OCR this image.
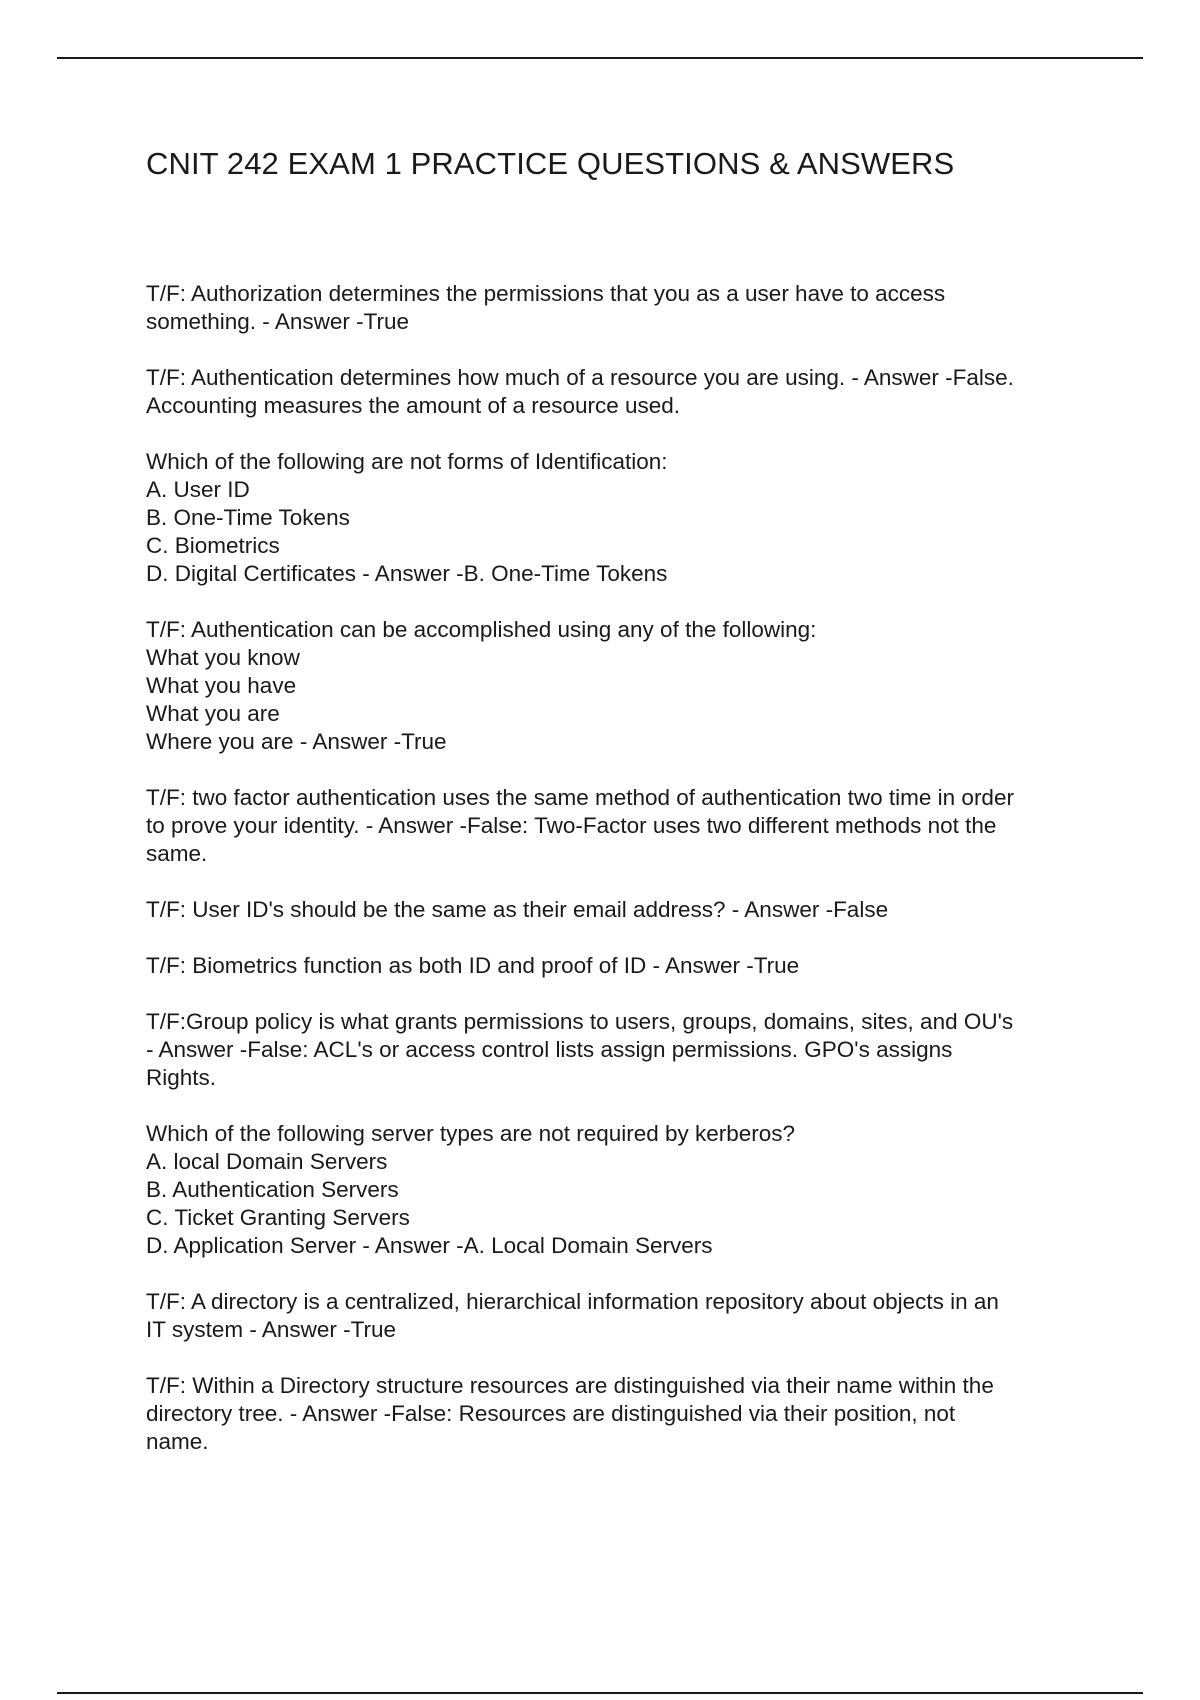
CNIT 242 EXAM 1 PRACTICE QUESTIONS & ANSWERS
T/F: Authorization determines the permissions that you as a user have to access
something. - Answer -True
T/F: Authentication determines how much of a resource you are using. - Answer -False.
Accounting measures the amount of a resource used.
Which of the following are not forms of Identification:
A. User ID
B. One-Time Tokens
C. Biometrics
D. Digital Certificates - Answer -B. One-Time Tokens
T/F: Authentication can be accomplished using any of the following:
What you know
What you have
What you are
Where you are - Answer -True
T/F: two factor authentication uses the same method of authentication two time in order
to prove your identity. - Answer -False: Two-Factor uses two different methods not the
same.
T/F: User ID's should be the same as their email address? - Answer -False
T/F: Biometrics function as both ID and proof of ID - Answer -True
T/F:Group policy is what grants permissions to users, groups, domains, sites, and OU's
- Answer -False: ACL's or access control lists assign permissions. GPO's assigns
Rights.
Which of the following server types are not required by kerberos?
A. local Domain Servers
B. Authentication Servers
C. Ticket Granting Servers
D. Application Server - Answer -A. Local Domain Servers
T/F: A directory is a centralized, hierarchical information repository about objects in an
IT system - Answer -True
T/F: Within a Directory structure resources are distinguished via their name within the
directory tree. - Answer -False: Resources are distinguished via their position, not
name.
